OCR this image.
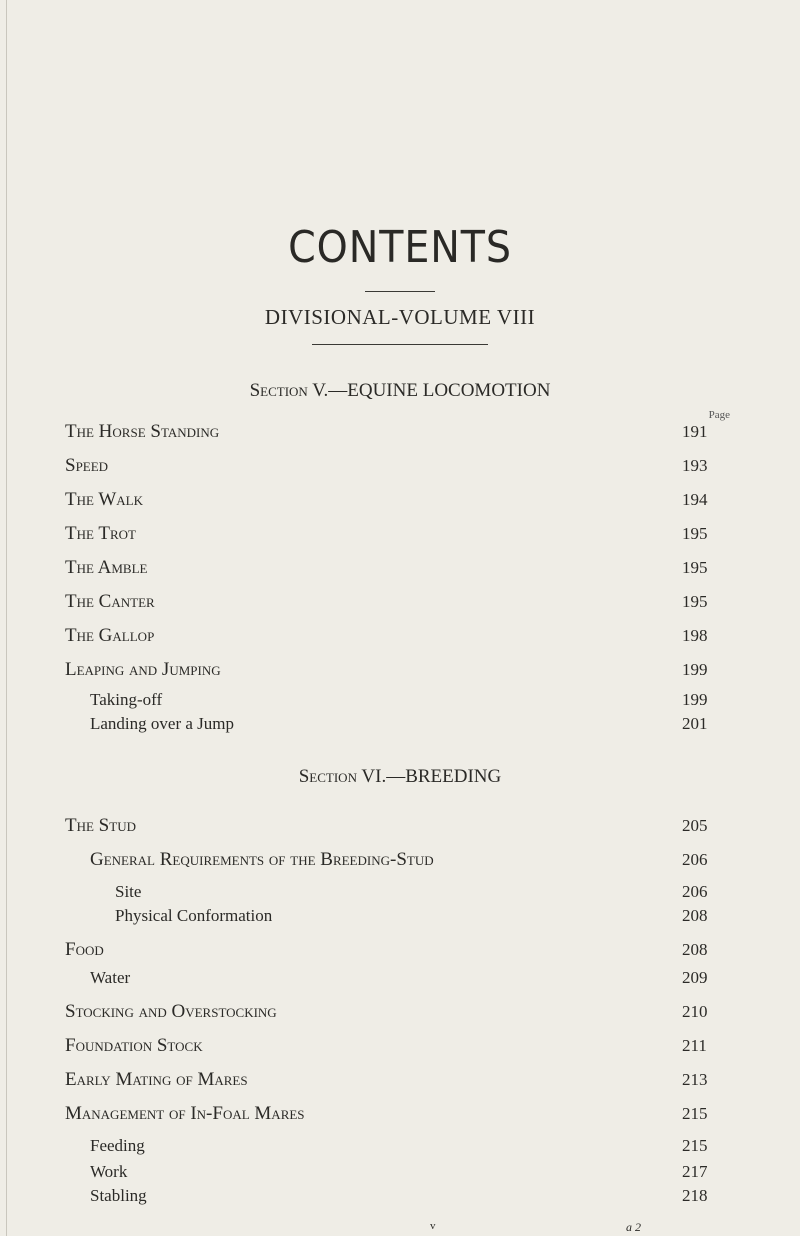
CONTENTS
DIVISIONAL-VOLUME VIII
Section V.—EQUINE LOCOMOTION
Page
The Horse Standing	191
Speed	193
The Walk	194
The Trot	195
The Amble	195
The Canter	195
The Gallop	198
Leaping and Jumping	199
Taking-off	199
Landing over a Jump	201
Section VI.—BREEDING
The Stud	205
General Requirements of the Breeding-Stud	206
Site	206
Physical Conformation	208
Food	208
Water	209
Stocking and Overstocking	210
Foundation Stock	211
Early Mating of Mares	213
Management of In-Foal Mares	215
Feeding	215
Work	217
Stabling	218
v	a 2
